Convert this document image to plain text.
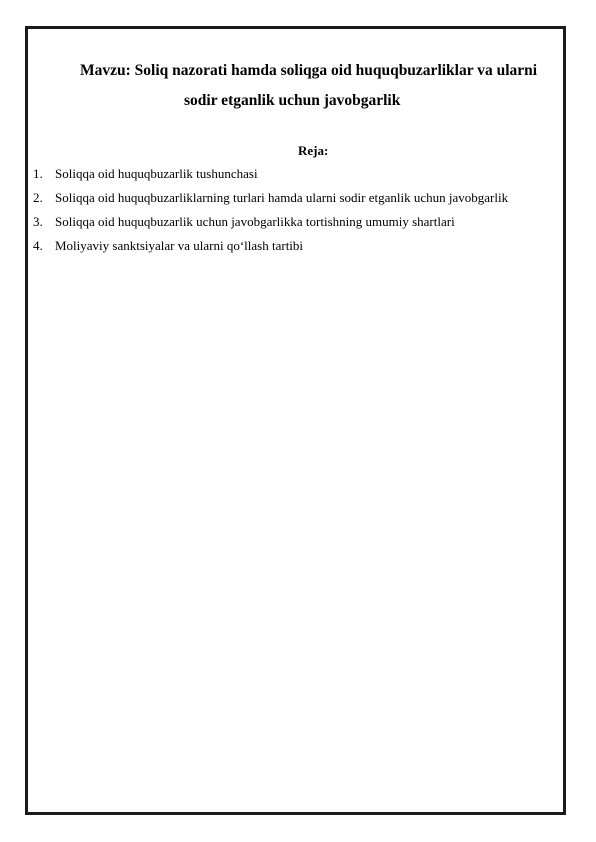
Mavzu: Soliq nazorati hamda soliqga oid huquqbuzarliklar va ularni
sodir etganlik uchun javobgarlik
Reja:
1. Soliqqa oid huquqbuzarlik tushunchasi
2. Soliqqa oid huquqbuzarliklarning turlari hamda ularni sodir etganlik uchun javobgarlik
3. Soliqqa oid huquqbuzarlik uchun javobgarlikka tortishning umumiy shartlari
4. Moliyaviy sanktsiyalar va ularni qo‘llash tartibi
